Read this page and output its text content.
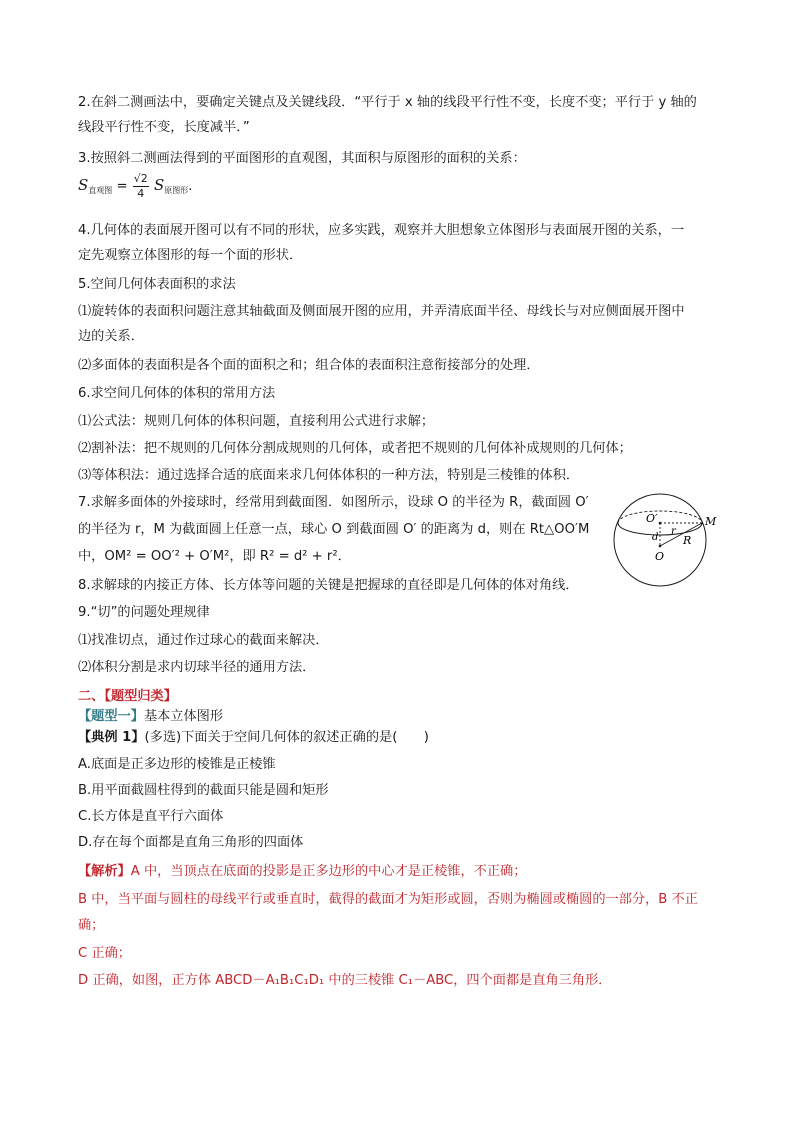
2.在斜二测画法中，要确定关键点及关键线段．“平行于 x 轴的线段平行性不变，长度不变；平行于 y 轴的
线段平行性不变，长度减半．”
3.按照斜二测画法得到的平面图形的直观图，其面积与原图形的面积的关系：
$S_{直观图} = \frac{√2}{4} S_{原图形}$.
4.几何体的表面展开图可以有不同的形状，应多实践，观察并大胆想象立体图形与表面展开图的关系，一
定先观察立体图形的每一个面的形状．
5.空间几何体表面积的求法
⑴旋转体的表面积问题注意其轴截面及侧面展开图的应用，并弄清底面半径、母线长与对应侧面展开图中
边的关系．
⑵多面体的表面积是各个面的面积之和；组合体的表面积注意衔接部分的处理．
6.求空间几何体的体积的常用方法
⑴公式法：规则几何体的体积问题，直接利用公式进行求解；
⑵割补法：把不规则的几何体分割成规则的几何体，或者把不规则的几何体补成规则的几何体；
⑶等体积法：通过选择合适的底面来求几何体体积的一种方法，特别是三棱锥的体积．
7.求解多面体的外接球时，经常用到截面图．如图所示，设球 O 的半径为 R，截面圆 O′
的半径为 r，M 为截面圆上任意一点，球心 O 到截面圆 O′ 的距离为 d，则在 Rt△OO′M
中，OM² = OO′² + O′M²，即 R² = d² + r²．
8.求解球的内接正方体、长方体等问题的关键是把握球的直径即是几何体的体对角线．
9.“切”的问题处理规律
⑴找准切点，通过作过球心的截面来解决．
⑵体积分割是求内切球半径的通用方法．
O′	M
r
d R
O
二、【题型归类】
【题型一】基本立体图形
【典例 1】(多选)下面关于空间几何体的叙述正确的是(　　)
A.底面是正多边形的棱锥是正棱锥
B.用平面截圆柱得到的截面只能是圆和矩形
C.长方体是直平行六面体
D.存在每个面都是直角三角形的四面体
【解析】A 中，当顶点在底面的投影是正多边形的中心才是正棱锥，不正确；
B 中，当平面与圆柱的母线平行或垂直时，截得的截面才为矩形或圆，否则为椭圆或椭圆的一部分，B 不正
确；
C 正确；
D 正确，如图，正方体 ABCD－A₁B₁C₁D₁ 中的三棱锥 C₁－ABC，四个面都是直角三角形．
